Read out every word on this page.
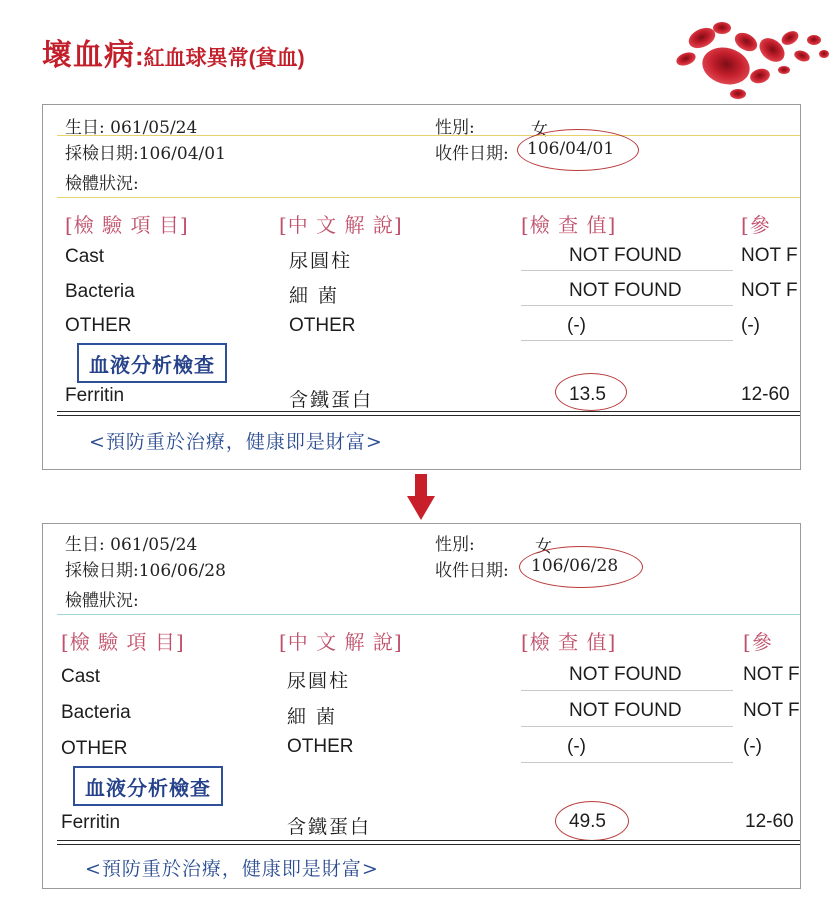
壞血病:紅血球異常(貧血)
生日: 061/05/24	性別:	女
採檢日期:106/04/01	收件日期: 106/04/01
檢體狀況:
[檢 驗 項 目]	[中 文 解 說]	[檢 查 值]	[參
Cast	尿圓柱	NOT FOUND	NOT F
Bacteria	細 菌	NOT FOUND	NOT F
OTHER	OTHER	(-)	(-)
血液分析檢查
Ferritin	含鐵蛋白	13.5	12-60
<預防重於治療，健康即是財富>
生日: 061/05/24	性別:	女
採檢日期:106/06/28	收件日期: 106/06/28
檢體狀況:
[檢 驗 項 目]	[中 文 解 說]	[檢 查 值]	[參
Cast	尿圓柱	NOT FOUND	NOT F
Bacteria	細 菌	NOT FOUND	NOT F
OTHER	OTHER	(-)	(-)
血液分析檢查
Ferritin	含鐵蛋白	49.5	12-60
<預防重於治療，健康即是財富>
